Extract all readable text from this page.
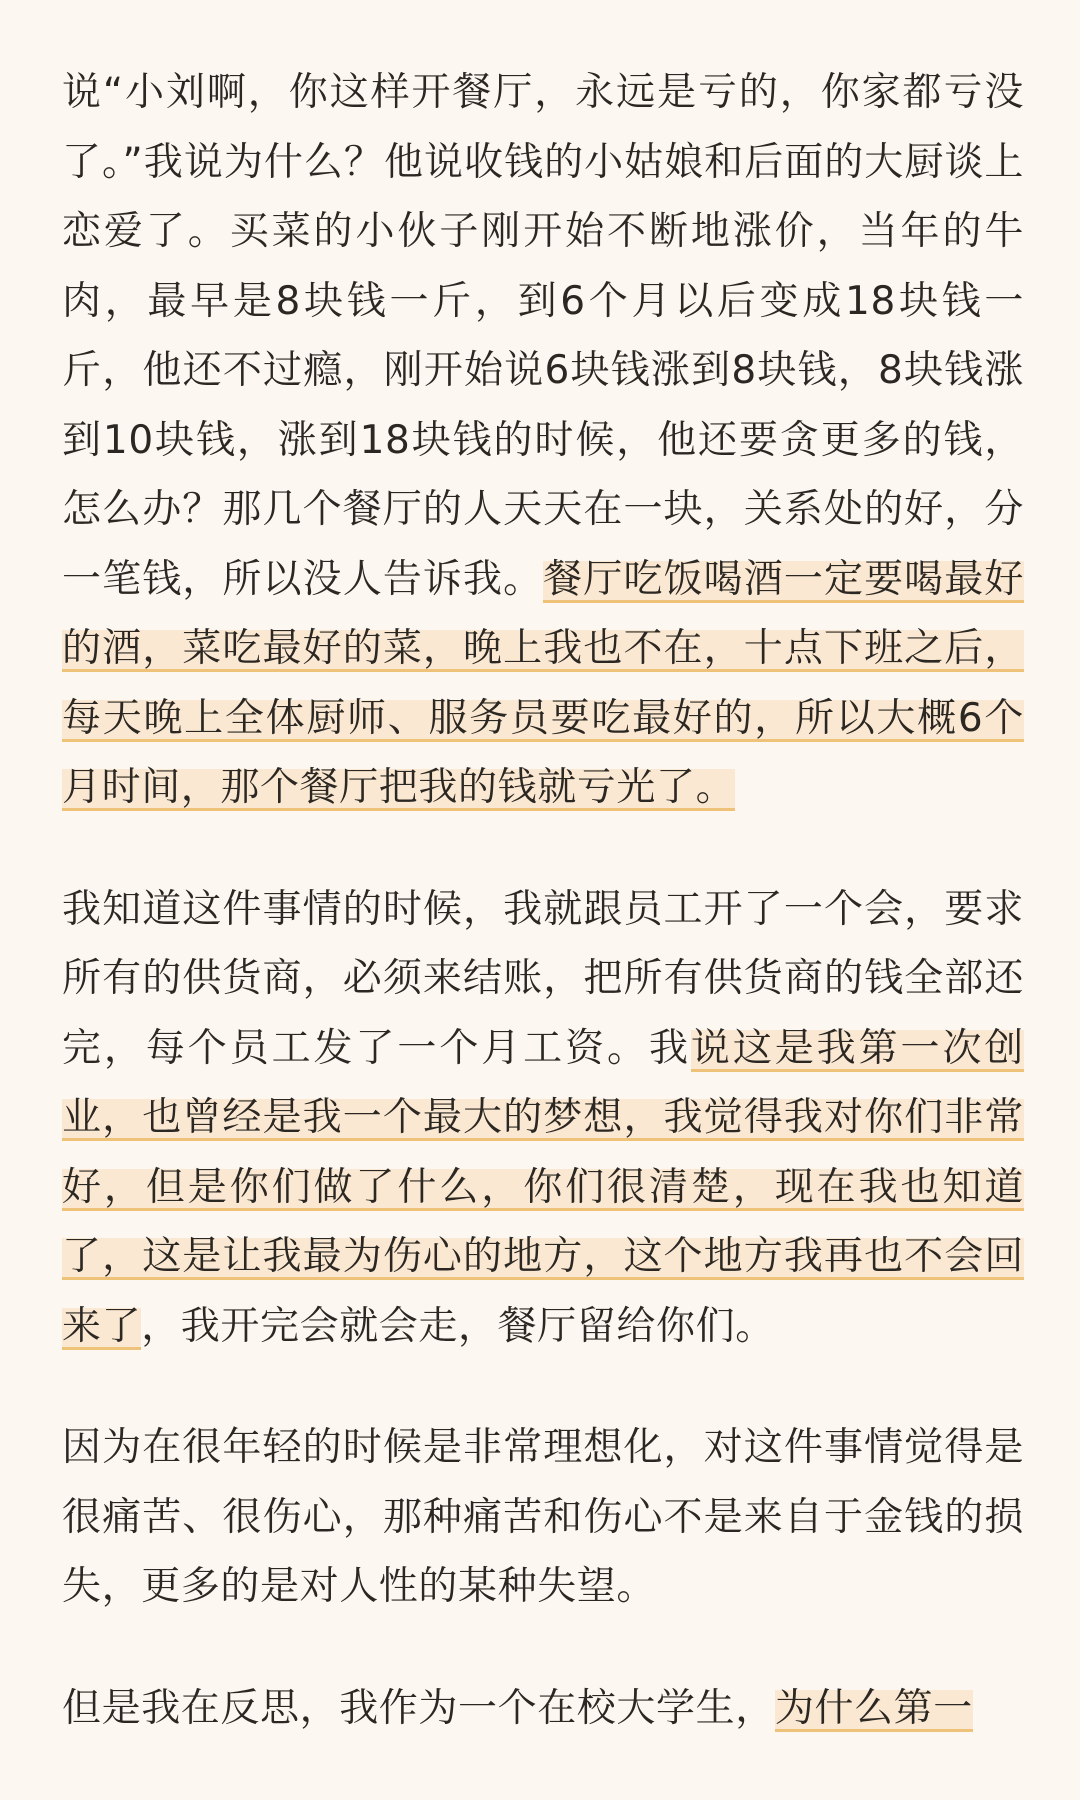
说“小刘啊，你这样开餐厅，永远是亏的，你家都亏没了。”我说为什么？他说收钱的小姑娘和后面的大厨谈上恋爱了。买菜的小伙子刚开始不断地涨价，当年的牛肉，最早是8块钱一斤，到6个月以后变成18块钱一斤，他还不过瘾，刚开始说6块钱涨到8块钱，8块钱涨到10块钱，涨到18块钱的时候，他还要贪更多的钱，怎么办？那几个餐厅的人天天在一块，关系处的好，分一笔钱，所以没人告诉我。餐厅吃饭喝酒一定要喝最好的酒，菜吃最好的菜，晚上我也不在，十点下班之后，每天晚上全体厨师、服务员要吃最好的，所以大概6个月时间，那个餐厅把我的钱就亏光了。

我知道这件事情的时候，我就跟员工开了一个会，要求所有的供货商，必须来结账，把所有供货商的钱全部还完，每个员工发了一个月工资。我说这是我第一次创业，也曾经是我一个最大的梦想，我觉得我对你们非常好，但是你们做了什么，你们很清楚，现在我也知道了，这是让我最为伤心的地方，这个地方我再也不会回来了，我开完会就会走，餐厅留给你们。

因为在很年轻的时候是非常理想化，对这件事情觉得是很痛苦、很伤心，那种痛苦和伤心不是来自于金钱的损失，更多的是对人性的某种失望。

但是我在反思，我作为一个在校大学生，为什么第一
